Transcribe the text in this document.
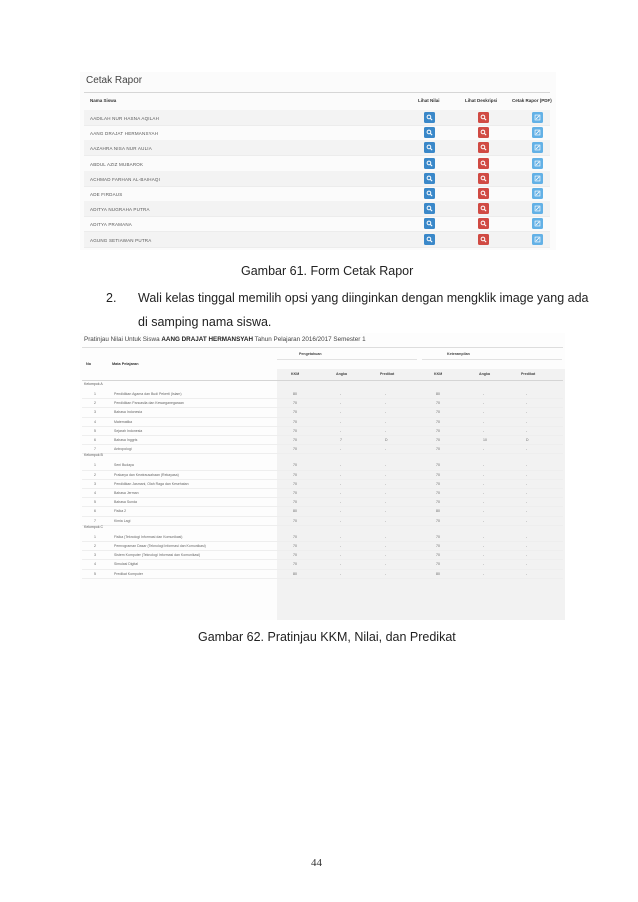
Cetak Rapor
Nama Siswa	Lihat Nilai	Lihat Deskripsi	Cetak Rapor (PDF)
AADILAH NUR HASNA AQILAH
AANG DRAJAT HERMANSYAH
AAZAHRA NISA NUR AULIA
ABDUL AZIZ MUBAROK
ACHMAD FARHAN AL-BAIHAQI
ADE FIRDAUS
ADITYA NUGRAHA PUTRA
ADITYA PRAMANA
AGUNG SETIAWAN PUTRA
Gambar 61. Form Cetak Rapor
2. Wali kelas tinggal memilih opsi yang diinginkan dengan mengklik image yang ada
di samping nama siswa.
Pratinjau Nilai Untuk Siswa AANG DRAJAT HERMANSYAH Tahun Pelajaran 2016/2017 Semester 1
Pengetahuan	Keterampilan
No	Mata Pelajaran
KKM	Angka	Predikat	KKM	Angka	Predikat
Kelompok A
1	Pendidikan Agama dan Budi Pekerti (Islam)	80	-	-	80	-	-
2	Pendidikan Pancasila dan Kewarganegaraan	70	-	-	70	-	-
3	Bahasa Indonesia	70	-	-	70	-	-
4	Matematika	70	-	-	70	-	-
5	Sejarah Indonesia	70	-	-	70	-	-
6	Bahasa Inggris	70	7	D	70	10	D
7	Antropologi	70	-	-	70	-	-
Kelompok B
1	Seni Budaya	70	-	-	70	-	-
2	Prakarya dan Kewirausahaan (Rekayasa)	70	-	-	70	-	-
3	Pendidikan Jasmani, Olah Raga dan Kesehatan	70	-	-	70	-	-
4	Bahasa Jerman	70	-	-	70	-	-
5	Bahasa Sunda	70	-	-	70	-	-
6	Fisika 2	80	-	-	80	-	-
7	Kimia Lagi	70	-	-	70	-	-
Kelompok C
1	Fisika (Teknologi Informasi dan Komunikasi)	70	-	-	70	-	-
2	Pemrograman Dasar (Teknologi Informasi dan Komunikasi)	70	-	-	70	-	-
3	Sistem Komputer (Teknologi Informasi dan Komunikasi)	70	-	-	70	-	-
4	Simulasi Digital	70	-	-	70	-	-
5	Predikat Komputer	80	-	-	80	-	-
Gambar 62. Pratinjau KKM, Nilai, dan Predikat
44
